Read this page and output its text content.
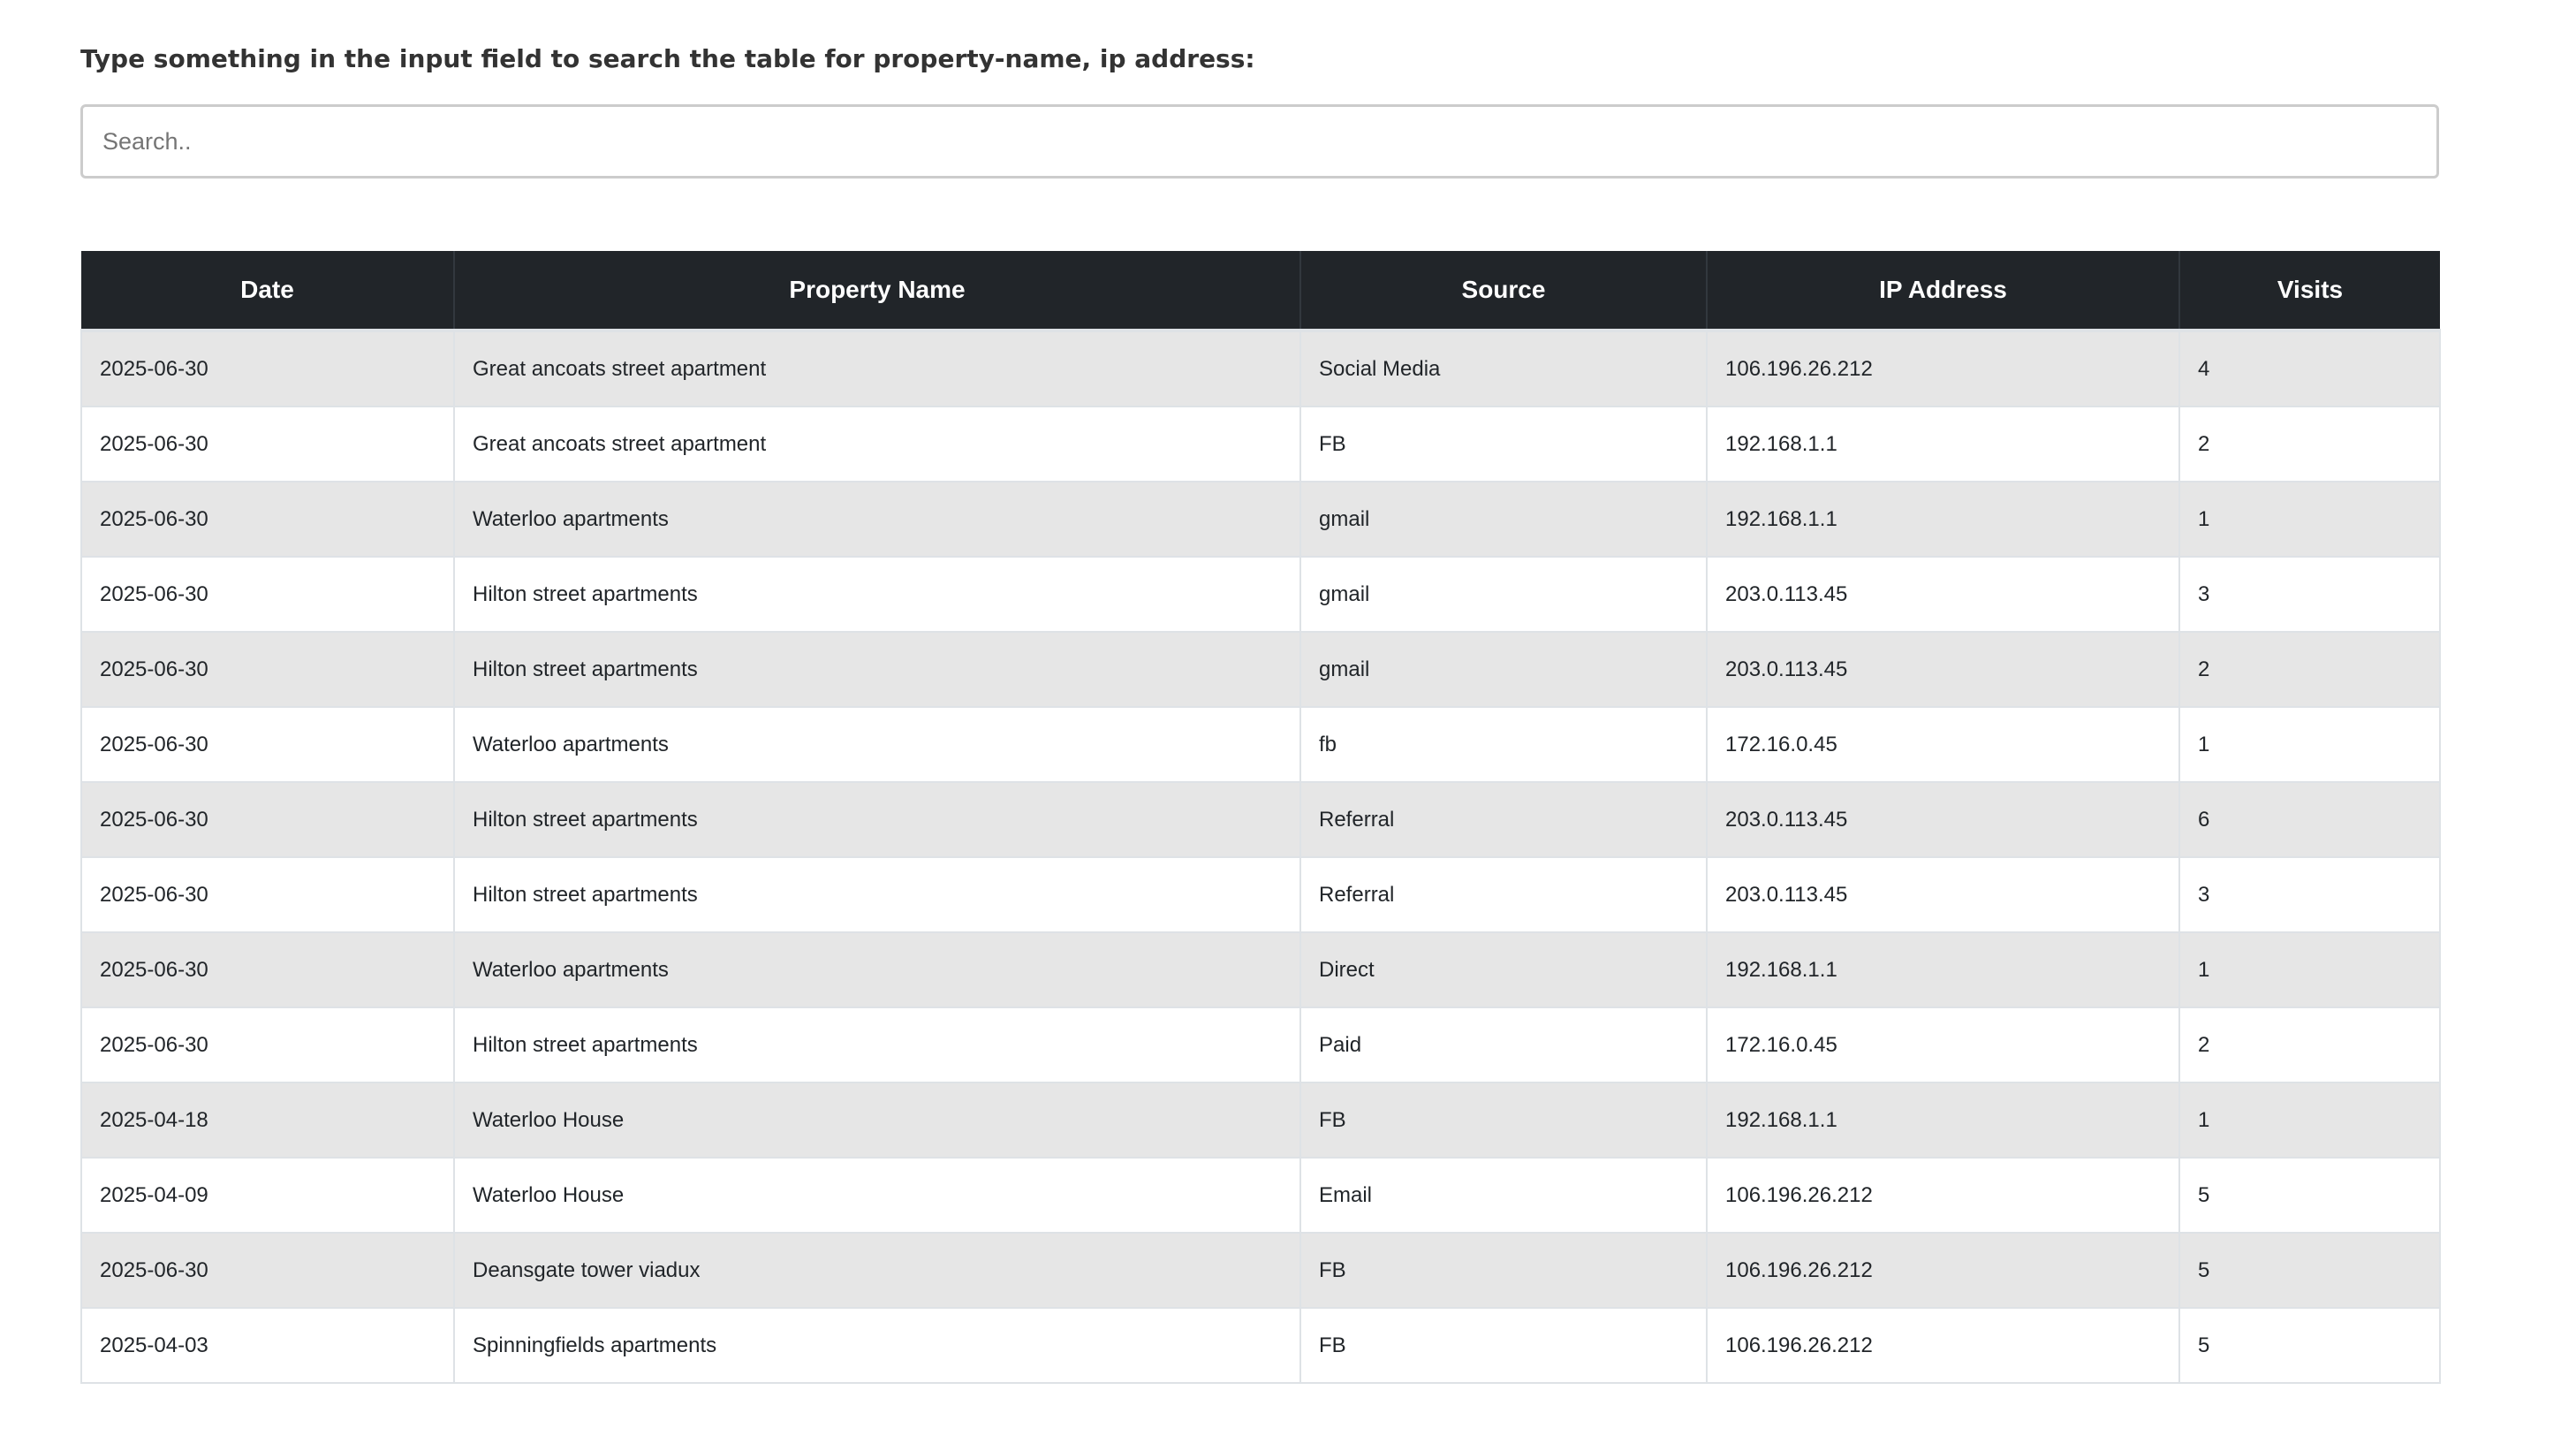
Type something in the input field to search the table for property-name, ip address:
Search..
Date	Property Name	Source	IP Address	Visits
2025-06-30	Great ancoats street apartment	Social Media	106.196.26.212	4
2025-06-30	Great ancoats street apartment	FB	192.168.1.1	2
2025-06-30	Waterloo apartments	gmail	192.168.1.1	1
2025-06-30	Hilton street apartments	gmail	203.0.113.45	3
2025-06-30	Hilton street apartments	gmail	203.0.113.45	2
2025-06-30	Waterloo apartments	fb	172.16.0.45	1
2025-06-30	Hilton street apartments	Referral	203.0.113.45	6
2025-06-30	Hilton street apartments	Referral	203.0.113.45	3
2025-06-30	Waterloo apartments	Direct	192.168.1.1	1
2025-06-30	Hilton street apartments	Paid	172.16.0.45	2
2025-04-18	Waterloo House	FB	192.168.1.1	1
2025-04-09	Waterloo House	Email	106.196.26.212	5
2025-06-30	Deansgate tower viadux	FB	106.196.26.212	5
2025-04-03	Spinningfields apartments	FB	106.196.26.212	5
